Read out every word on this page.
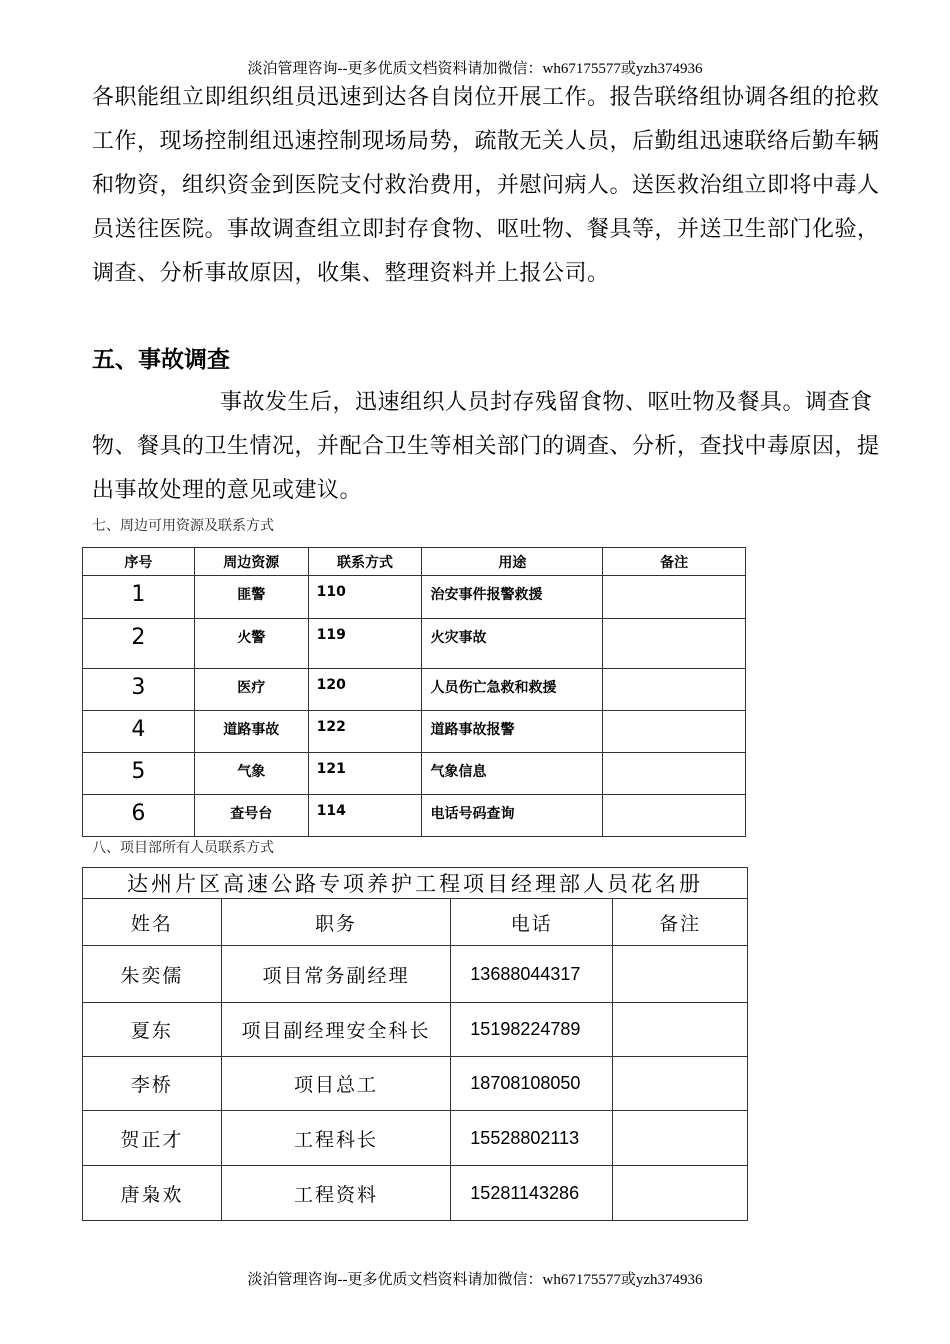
淡泊管理咨询--更多优质文档资料请加微信：wh67175577或yzh374936

各职能组立即组织组员迅速到达各自岗位开展工作。报告联络组协调各组的抢救工作，现场控制组迅速控制现场局势，疏散无关人员，后勤组迅速联络后勤车辆和物资，组织资金到医院支付救治费用，并慰问病人。送医救治组立即将中毒人员送往医院。事故调查组立即封存食物、呕吐物、餐具等，并送卫生部门化验，调查、分析事故原因，收集、整理资料并上报公司。

五、事故调查

事故发生后，迅速组织人员封存残留食物、呕吐物及餐具。调查食物、餐具的卫生情况，并配合卫生等相关部门的调查、分析，查找中毒原因，提出事故处理的意见或建议。

七、周边可用资源及联系方式
序号	周边资源	联系方式	用途	备注
1	匪警	110	治安事件报警救援	
2	火警	119	火灾事故	
3	医疗	120	人员伤亡急救和救援	
4	道路事故	122	道路事故报警	
5	气象	121	气象信息	
6	查号台	114	电话号码查询	
八、项目部所有人员联系方式
达州片区高速公路专项养护工程项目经理部人员花名册			
姓名	职务	电话	备注
朱奕儒	项目常务副经理	13688044317	
夏东	项目副经理安全科长	15198224789	
李桥	项目总工	18708108050	
贺正才	工程科长	15528802113	
唐枭欢	工程资料	15281143286	
淡泊管理咨询--更多优质文档资料请加微信：wh67175577或yzh374936
